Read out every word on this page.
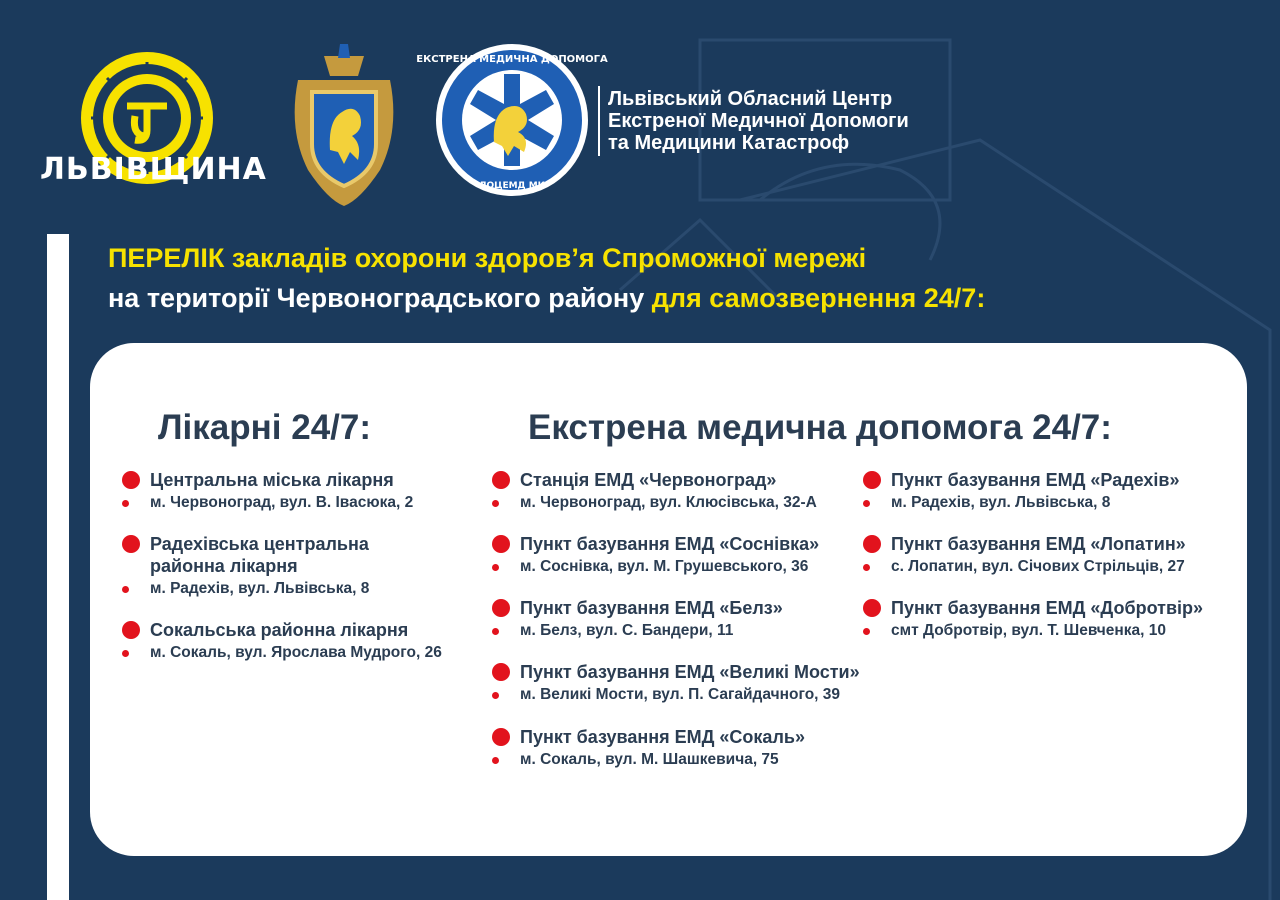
ЛЬВІВЩИНА
ЕКСТРЕНА МЕДИЧНА ДОПОМОГА
ЛОЦЕМД МК
Львівський Обласний Центр
Екстреної Медичної Допомоги
та Медицини Катастроф
ПЕРЕЛІК закладів охорони здоров’я Спроможної мережі
на території Червоноградського району для самозвернення 24/7:
Лікарні 24/7:	Екстрена медична допомога 24/7:
Центральна міська лікарня
м. Червоноград, вул. В. Івасюка, 2
Радехівська центральна районна лікарня
м. Радехів, вул. Львівська, 8
Сокальська районна лікарня
м. Сокаль, вул. Ярослава Мудрого, 26
Станція ЕМД «Червоноград»
м. Червоноград, вул. Клюсівська, 32-А
Пункт базування ЕМД «Соснівка»
м. Соснівка, вул. М. Грушевського, 36
Пункт базування ЕМД «Белз»
м. Белз, вул. С. Бандери, 11
Пункт базування ЕМД «Великі Мости»
м. Великі Мости, вул. П. Сагайдачного, 39
Пункт базування ЕМД «Сокаль»
м. Сокаль, вул. М. Шашкевича, 75
Пункт базування ЕМД «Радехів»
м. Радехів, вул. Львівська, 8
Пункт базування ЕМД «Лопатин»
с. Лопатин, вул. Січових Стрільців, 27
Пункт базування ЕМД «Добротвір»
смт Добротвір, вул. Т. Шевченка, 10
